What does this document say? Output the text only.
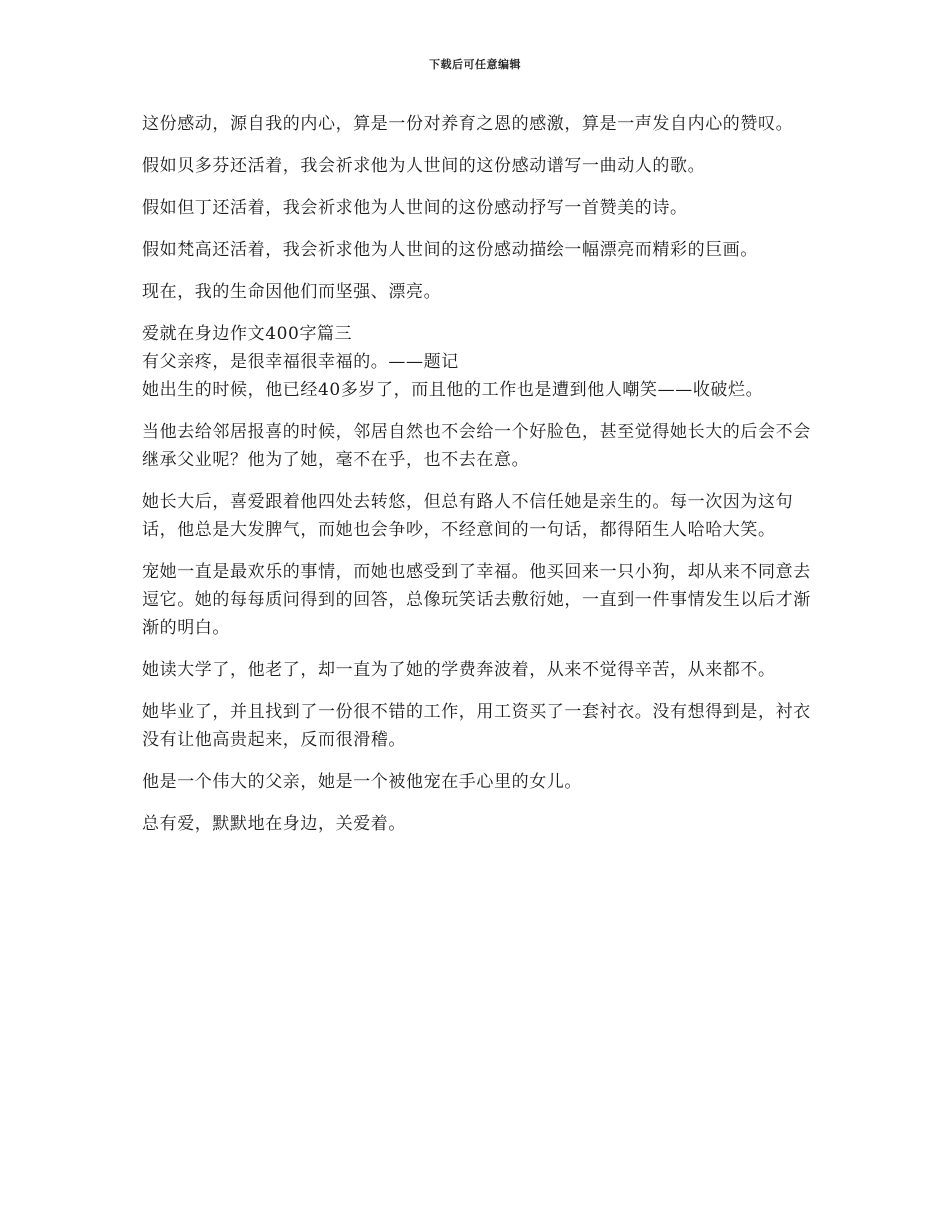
下载后可任意编辑

这份感动，源自我的内心，算是一份对养育之恩的感激，算是一声发自内心的赞叹。

假如贝多芬还活着，我会祈求他为人世间的这份感动谱写一曲动人的歌。

假如但丁还活着，我会祈求他为人世间的这份感动抒写一首赞美的诗。

假如梵高还活着，我会祈求他为人世间的这份感动描绘一幅漂亮而精彩的巨画。

现在，我的生命因他们而坚强、漂亮。

爱就在身边作文400字篇三

有父亲疼，是很幸福很幸福的。——题记

她出生的时候，他已经40多岁了，而且他的工作也是遭到他人嘲笑——收破烂。

当他去给邻居报喜的时候，邻居自然也不会给一个好脸色，甚至觉得她长大的后会不会继承父业呢？他为了她，毫不在乎，也不去在意。

她长大后，喜爱跟着他四处去转悠，但总有路人不信任她是亲生的。每一次因为这句话，他总是大发脾气，而她也会争吵，不经意间的一句话，都得陌生人哈哈大笑。

宠她一直是最欢乐的事情，而她也感受到了幸福。他买回来一只小狗，却从来不同意去逗它。她的每每质问得到的回答，总像玩笑话去敷衍她，一直到一件事情发生以后才渐渐的明白。

她读大学了，他老了，却一直为了她的学费奔波着，从来不觉得辛苦，从来都不。

她毕业了，并且找到了一份很不错的工作，用工资买了一套衬衣。没有想得到是，衬衣没有让他高贵起来，反而很滑稽。

他是一个伟大的父亲，她是一个被他宠在手心里的女儿。

总有爱，默默地在身边，关爱着。
